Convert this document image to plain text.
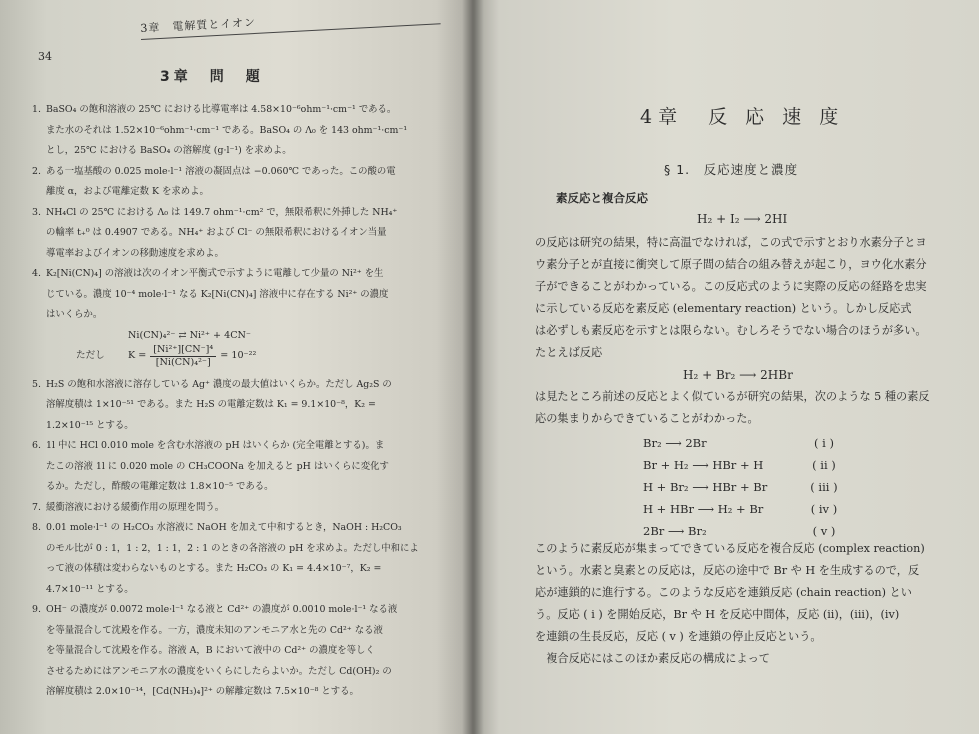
3章　電解質とイオン
34
3章　問　題
1. BaSO₄ の飽和溶液の 25℃ における比導電率は 4.58×10⁻⁶ohm⁻¹·cm⁻¹ である。
また水のそれは 1.52×10⁻⁶ohm⁻¹·cm⁻¹ である。BaSO₄ の Λ₀ を 143 ohm⁻¹·cm⁻¹
とし，25℃ における BaSO₄ の溶解度 (g·l⁻¹) を求めよ。
2. ある一塩基酸の 0.025 mole·l⁻¹ 溶液の凝固点は −0.060℃ であった。この酸の電
離度 α，および電離定数 K を求めよ。
3. NH₄Cl の 25℃ における Λ₀ は 149.7 ohm⁻¹·cm² で，無限希釈に外挿した NH₄⁺
の輸率 t₊⁰ は 0.4907 である。NH₄⁺ および Cl⁻ の無限希釈におけるイオン当量
導電率およびイオンの移動速度を求めよ。
4. K₂[Ni(CN)₄] の溶液は次のイオン平衡式で示すように電離して少量の Ni²⁺ を生
じている。濃度 10⁻⁴ mole·l⁻¹ なる K₂[Ni(CN)₄] 溶液中に存在する Ni²⁺ の濃度
はいくらか。
Ni(CN)₄²⁻ ⇄ Ni²⁺ + 4CN⁻
ただし	$K = \frac{\text{[Ni²⁺][CN⁻]⁴}}{\text{[Ni(CN)₄²⁻]}} = 10^{-22}$
5. H₂S の飽和水溶液に溶存している Ag⁺ 濃度の最大値はいくらか。ただし Ag₂S の
溶解度積は 1×10⁻⁵¹ である。また H₂S の電離定数は K₁ = 9.1×10⁻⁸，K₂ =
1.2×10⁻¹⁵ とする。
6. 1l 中に HCl 0.010 mole を含む水溶液の pH はいくらか (完全電離とする)。ま
たこの溶液 1l に 0.020 mole の CH₃COONa を加えると pH はいくらに変化す
るか。ただし，酢酸の電離定数は 1.8×10⁻⁵ である。
7. 緩衝溶液における緩衝作用の原理を問う。
8. 0.01 mole·l⁻¹ の H₂CO₃ 水溶液に NaOH を加えて中和するとき，NaOH : H₂CO₃
のモル比が 0 : 1，1 : 2，1 : 1，2 : 1 のときの各溶液の pH を求めよ。ただし中和によ
って液の体積は変わらないものとする。また H₂CO₃ の K₁ = 4.4×10⁻⁷，K₂ =
4.7×10⁻¹¹ とする。
9. OH⁻ の濃度が 0.0072 mole·l⁻¹ なる液と Cd²⁺ の濃度が 0.0010 mole·l⁻¹ なる液
を等量混合して沈殿を作る。一方，濃度未知のアンモニア水と先の Cd²⁺ なる液
を等量混合して沈殿を作る。溶液 A，B において液中の Cd²⁺ の濃度を等しく
させるためにはアンモニア水の濃度をいくらにしたらよいか。ただし Cd(OH)₂ の
溶解度積は 2.0×10⁻¹⁴，[Cd(NH₃)₄]²⁺ の解離定数は 7.5×10⁻⁸ とする。
4章　反 応 速 度
§ 1.　反応速度と濃度
素反応と複合反応
H₂ + I₂ ⟶ 2HI
の反応は研究の結果，特に高温でなければ，この式で示すとおり水素分子とヨ
ウ素分子とが直接に衝突して原子間の結合の組み替えが起こり，ヨウ化水素分
子ができることがわかっている。この反応式のように実際の反応の経路を忠実
に示している反応を素反応 (elementary reaction) という。しかし反応式
は必ずしも素反応を示すとは限らない。むしろそうでない場合のほうが多い。
たとえば反応
H₂ + Br₂ ⟶ 2HBr
は見たところ前述の反応とよく似ているが研究の結果，次のような 5 種の素反
応の集まりからできていることがわかった。
Br₂ ⟶ 2Br	( i )
Br + H₂ ⟶ HBr + H	( ii )
H + Br₂ ⟶ HBr + Br	( iii )
H + HBr ⟶ H₂ + Br	( iv )
2Br ⟶ Br₂	( v )
このように素反応が集まってできている反応を複合反応 (complex reaction)
という。水素と臭素との反応は，反応の途中で Br や H を生成するので，反
応が連鎖的に進行する。このような反応を連鎖反応 (chain reaction) とい
う。反応 ( i ) を開始反応，Br や H を反応中間体，反応 (ii)，(iii)，(iv)
を連鎖の生長反応，反応 ( v ) を連鎖の停止反応という。
　複合反応にはこのほか素反応の構成によって
